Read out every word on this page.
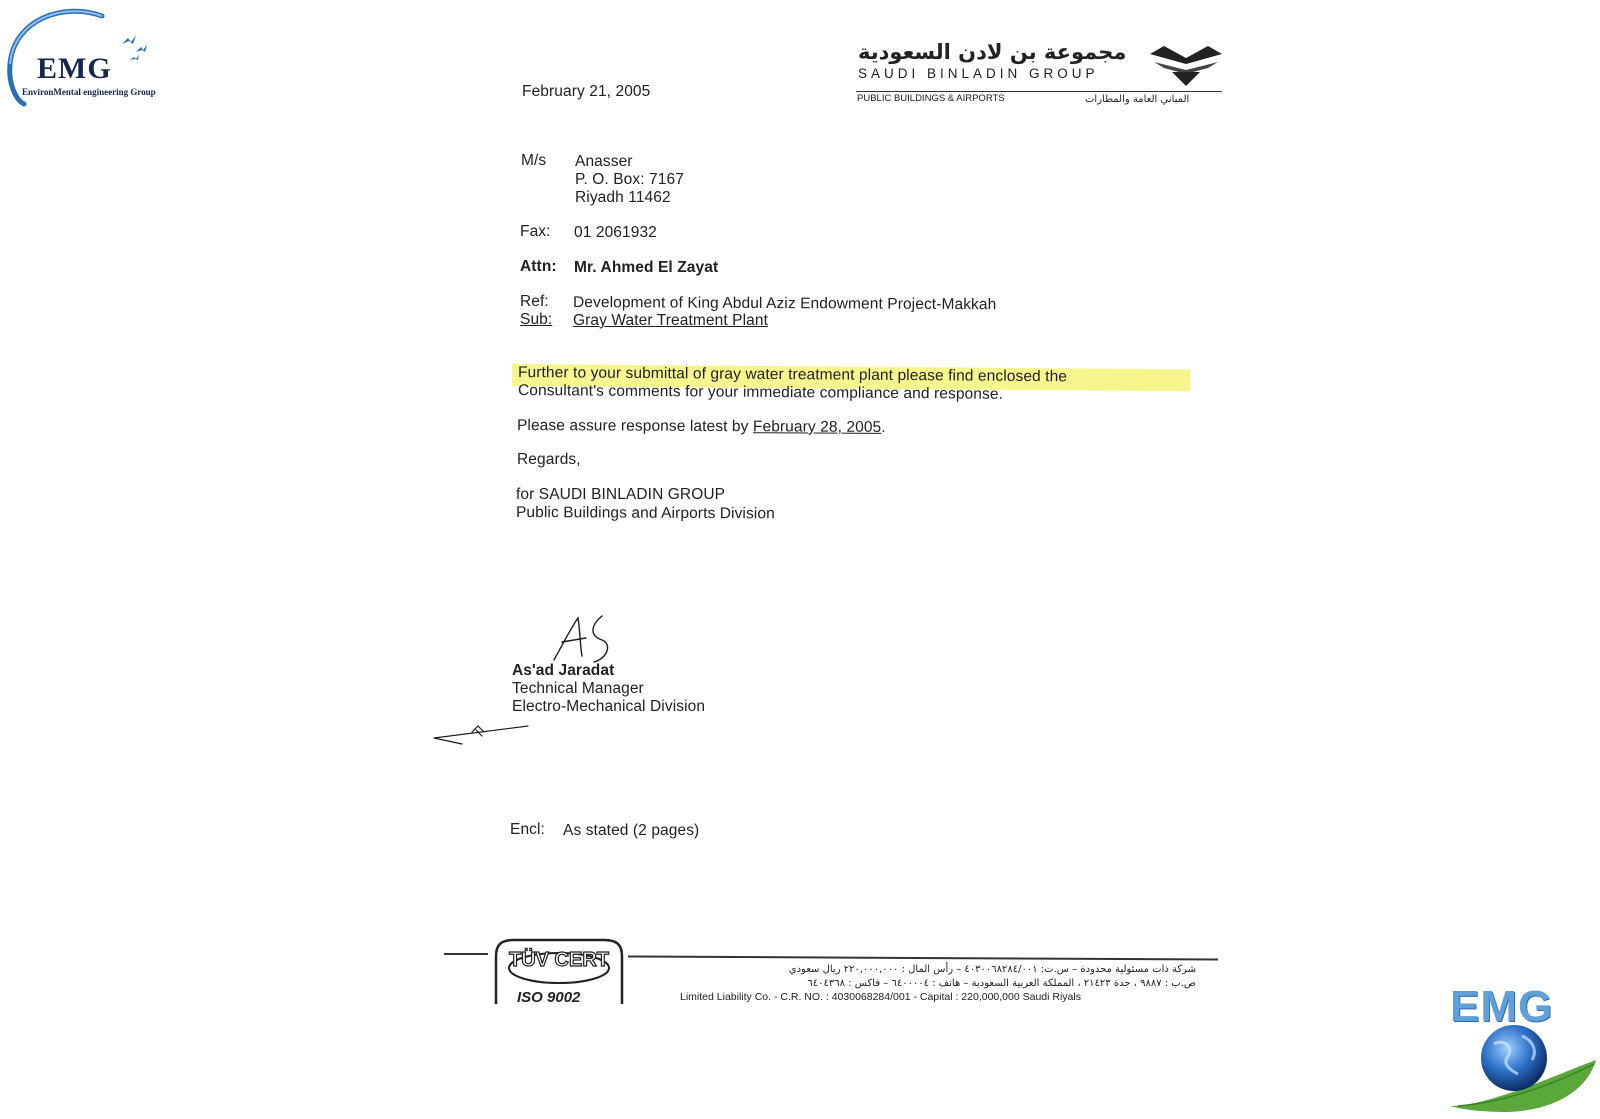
EMG
EnvironMental engineering Group
مجموعة بن لادن السعودية
SAUDI BINLADIN GROUP
PUBLIC BUILDINGS & AIRPORTS	المباني العامة والمطارات
February 21, 2005
M/s Anasser
P. O. Box: 7167
Riyadh 11462
Fax: 01 2061932
Attn: Mr. Ahmed El Zayat
Ref: Development of King Abdul Aziz Endowment Project-Makkah
Sub: Gray Water Treatment Plant
Further to your submittal of gray water treatment plant please find enclosed the
Consultant's comments for your immediate compliance and response.
Please assure response latest by February 28, 2005.
Regards,
for SAUDI BINLADIN GROUP
Public Buildings and Airports Division
As'ad Jaradat
Technical Manager
Electro-Mechanical Division
Encl: As stated (2 pages)
TÜV CERT
ISO 9002
شركة ذات مسئولية محدودة – س.ت: ٤٠٣٠٠٦٨٢٨٤/٠٠١ – رأس المال : ٢٢٠,٠٠٠,٠٠٠ ريال سعودي
ص.ب : ٩٨٨٧ ، جدة ٢١٤٢٣ ، المملكة العربية السعودية – هاتف : ٦٤٠٠٠٠٤ – فاكس : ٦٤٠٤٣٦٨
Limited Liability Co. - C.R. NO. : 4030068284/001 - Capital : 220,000,000 Saudi Riyals	EMG
